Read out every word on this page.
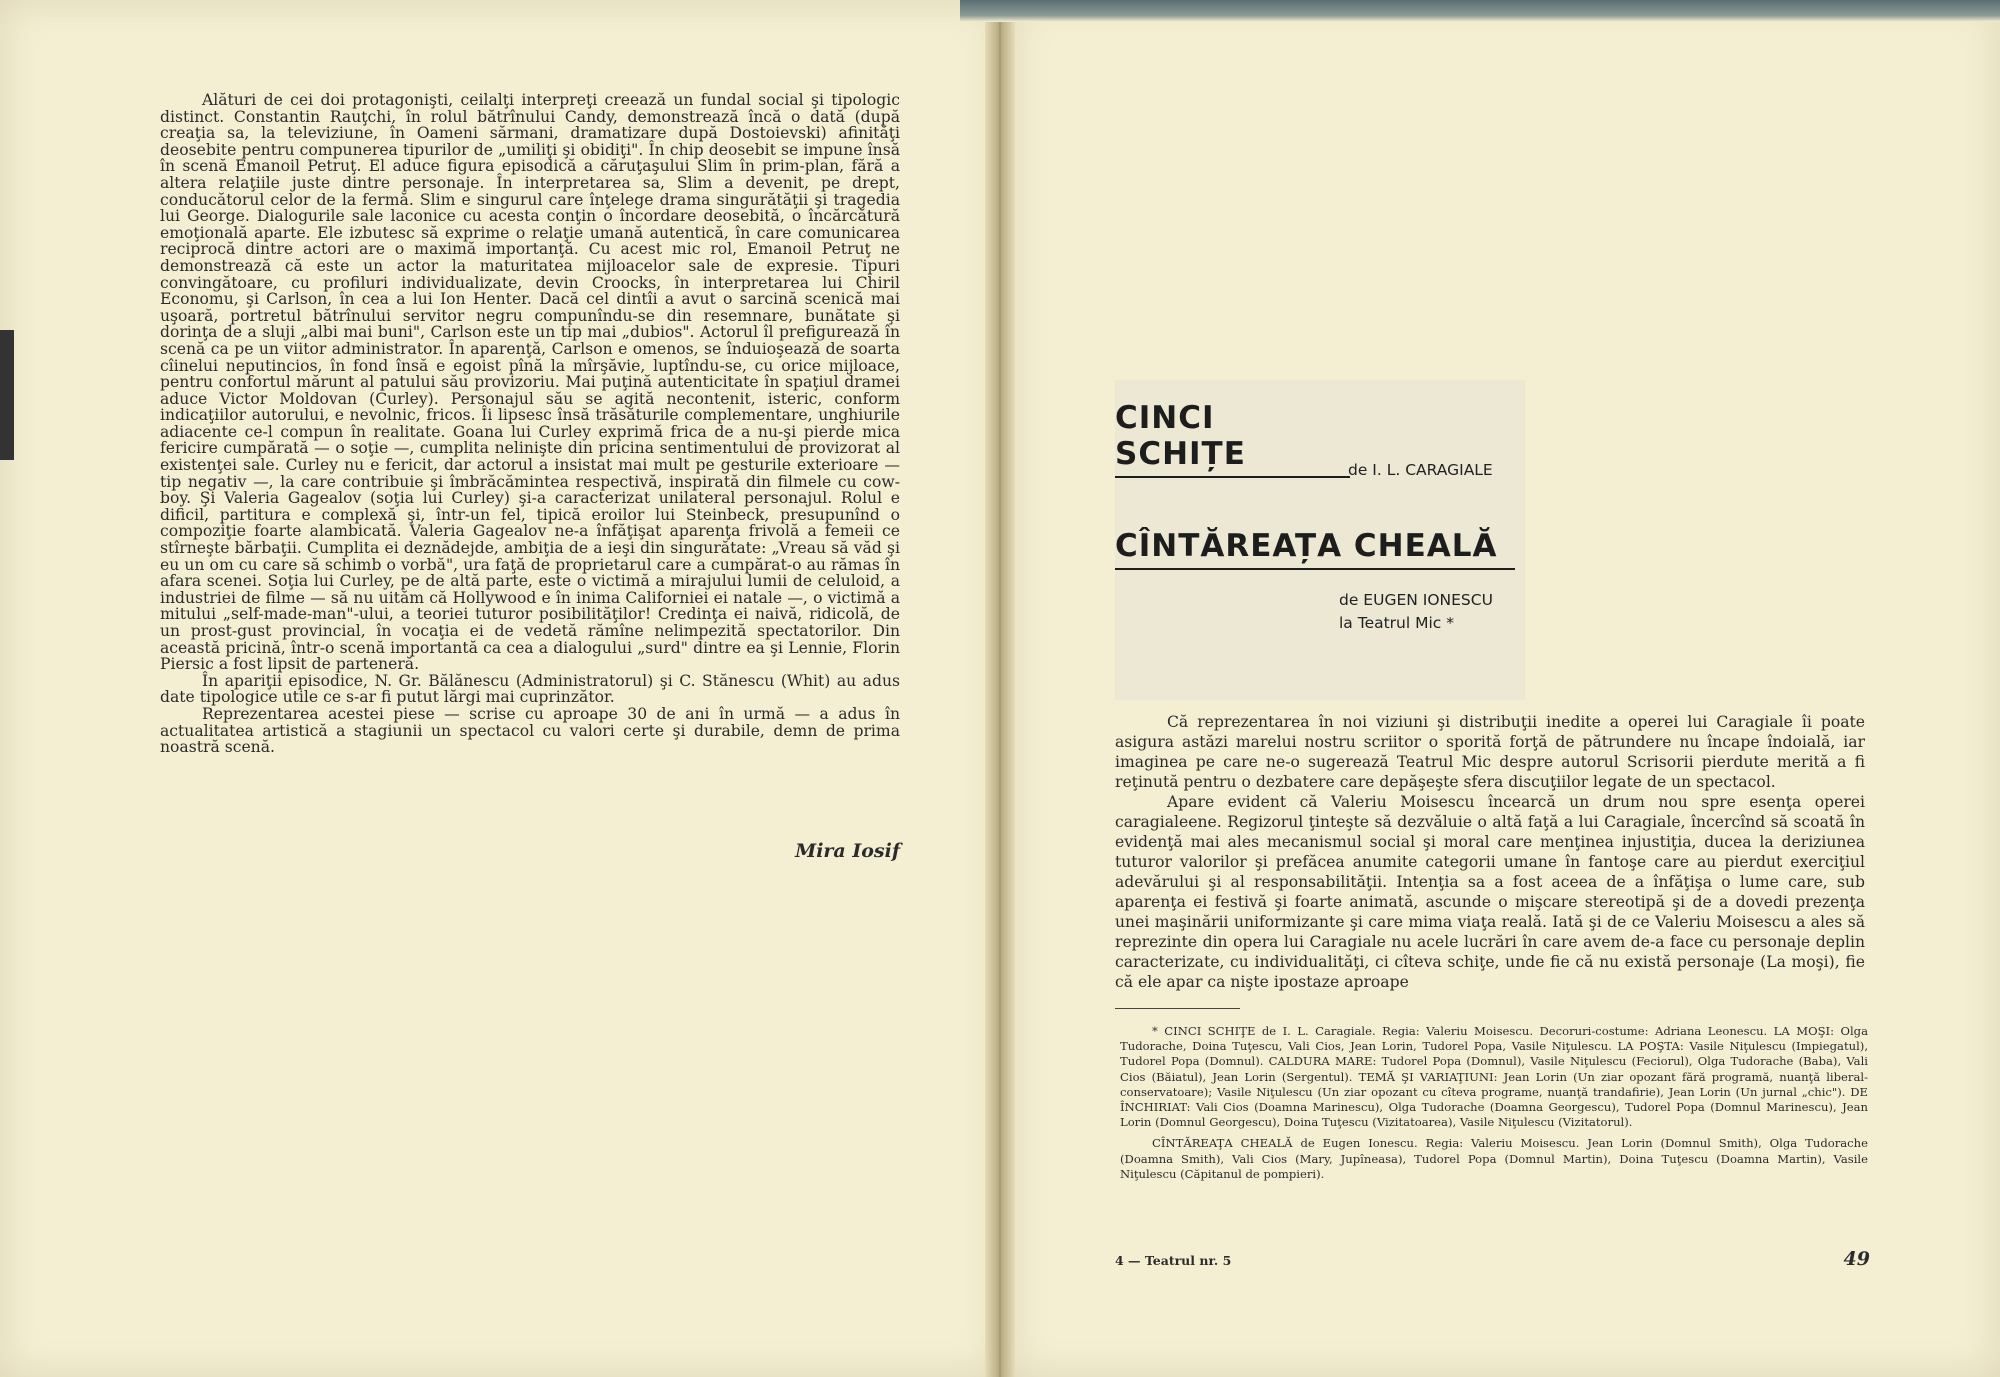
Alături de cei doi protagonişti, ceilalţi interpreţi creează un fundal social şi tipologic distinct. Constantin Rauţchi, în rolul bătrînului Candy, demonstrează încă o dată (după creaţia sa, la televiziune, în Oameni sărmani, dramatizare după Dostoievski) afinităţi deosebite pentru compunerea tipurilor de „umiliţi şi obidiţi". În chip deosebit se impune însă în scenă Emanoil Petruţ. El aduce figura episodică a căruţaşului Slim în prim-plan, fără a altera relaţiile juste dintre personaje. În interpretarea sa, Slim a devenit, pe drept, conducătorul celor de la fermă. Slim e singurul care înţelege drama singurătăţii şi tragedia lui George. Dialogurile sale laconice cu acesta conţin o încordare deosebită, o încărcătură emoţională aparte. Ele izbutesc să exprime o relaţie umană autentică, în care comunicarea reciprocă dintre actori are o maximă importanţă. Cu acest mic rol, Emanoil Petruţ ne demonstrează că este un actor la maturitatea mijloacelor sale de expresie. Tipuri convingătoare, cu profiluri individualizate, devin Croocks, în interpretarea lui Chiril Economu, şi Carlson, în cea a lui Ion Henter. Dacă cel dintîi a avut o sarcină scenică mai uşoară, portretul bătrînului servitor negru compunîndu-se din resemnare, bunătate şi dorinţa de a sluji „albi mai buni", Carlson este un tip mai „dubios". Actorul îl prefigurează în scenă ca pe un viitor administrator. În aparenţă, Carlson e omenos, se înduioşează de soarta cîinelui neputincios, în fond însă e egoist pînă la mîrşăvie, luptîndu-se, cu orice mijloace, pentru confortul mărunt al patului său provizoriu. Mai puţină autenticitate în spaţiul dramei aduce Victor Moldovan (Curley). Personajul său se agită necontenit, isteric, conform indicaţiilor autorului, e nevolnic, fricos. Îi lipsesc însă trăsăturile complementare, unghiurile adiacente ce-l compun în realitate. Goana lui Curley exprimă frica de a nu-şi pierde mica fericire cumpărată — o soţie —, cumplita nelinişte din pricina sentimentului de provizorat al existenţei sale. Curley nu e fericit, dar actorul a insistat mai mult pe gesturile exterioare — tip negativ —, la care contribuie şi îmbrăcămintea respectivă, inspirată din filmele cu cow-boy. Şi Valeria Gagealov (soţia lui Curley) şi-a caracterizat unilateral personajul. Rolul e dificil, partitura e complexă şi, într-un fel, tipică eroilor lui Steinbeck, presupunînd o compoziţie foarte alambicată. Valeria Gagealov ne-a înfăţişat aparenţa frivolă a femeii ce stîrneşte bărbaţii. Cumplita ei deznădejde, ambiţia de a ieşi din singurătate: „Vreau să văd şi eu un om cu care să schimb o vorbă", ura faţă de proprietarul care a cumpărat-o au rămas în afara scenei. Soţia lui Curley, pe de altă parte, este o victimă a mirajului lumii de celuloid, a industriei de filme — să nu uităm că Hollywood e în inima Californiei ei natale —, o victimă a mitului „self-made-man"-ului, a teoriei tuturor posibilităţilor! Credinţa ei naivă, ridicolă, de un prost-gust provincial, în vocaţia ei de vedetă rămîne nelimpezită spectatorilor. Din această pricină, într-o scenă importantă ca cea a dialogului „surd" dintre ea şi Lennie, Florin Piersic a fost lipsit de parteneră.

În apariţii episodice, N. Gr. Bălănescu (Administratorul) şi C. Stănescu (Whit) au adus date tipologice utile ce s-ar fi putut lărgi mai cuprinzător.

Reprezentarea acestei piese — scrise cu aproape 30 de ani în urmă — a adus în actualitatea artistică a stagiunii un spectacol cu valori certe şi durabile, demn de prima noastră scenă.

Mira Iosif
CINCI SCHIȚE	de I. L. CARAGIALE
CÎNTĂREAȚA CHEALĂ
de EUGEN IONESCU
la Teatrul Mic *

Că reprezentarea în noi viziuni şi distribuţii inedite a operei lui Caragiale îi poate asigura astăzi marelui nostru scriitor o sporită forţă de pătrundere nu încape îndoială, iar imaginea pe care ne-o sugerează Teatrul Mic despre autorul Scrisorii pierdute merită a fi reţinută pentru o dezbatere care depăşeşte sfera discuţiilor legate de un spectacol.

Apare evident că Valeriu Moisescu încearcă un drum nou spre esenţa operei caragialeene. Regizorul ţinteşte să dezvăluie o altă faţă a lui Caragiale, încercînd să scoată în evidenţă mai ales mecanismul social şi moral care menţinea injustiţia, ducea la deriziunea tuturor valorilor şi prefăcea anumite categorii umane în fantoşe care au pierdut exerciţiul adevărului şi al responsabilităţii. Intenţia sa a fost aceea de a înfăţişa o lume care, sub aparenţa ei festivă şi foarte animată, ascunde o mişcare stereotipă şi de a dovedi prezenţa unei maşinării uniformizante şi care mima viaţa reală. Iată şi de ce Valeriu Moisescu a ales să reprezinte din opera lui Caragiale nu acele lucrări în care avem de-a face cu personaje deplin caracterizate, cu individualităţi, ci cîteva schiţe, unde fie că nu există personaje (La moşi), fie că ele apar ca nişte ipostaze aproape

* CINCI SCHIŢE de I. L. Caragiale. Regia: Valeriu Moisescu. Decoruri-costume: Adriana Leonescu. LA MOŞI: Olga Tudorache, Doina Tuţescu, Vali Cios, Jean Lorin, Tudorel Popa, Vasile Niţulescu. LA POŞTA: Vasile Niţulescu (Impiegatul), Tudorel Popa (Domnul). CALDURA MARE: Tudorel Popa (Domnul), Vasile Niţulescu (Feciorul), Olga Tudorache (Baba), Vali Cios (Băiatul), Jean Lorin (Sergentul). TEMĂ ŞI VARIAŢIUNI: Jean Lorin (Un ziar opozant fără programă, nuanţă liberal-conservatoare); Vasile Niţulescu (Un ziar opozant cu cîteva programe, nuanţă trandafirie), Jean Lorin (Un jurnal „chic"). DE ÎNCHIRIAT: Vali Cios (Doamna Marinescu), Olga Tudorache (Doamna Georgescu), Tudorel Popa (Domnul Marinescu), Jean Lorin (Domnul Georgescu), Doina Tuţescu (Vizitatoarea), Vasile Niţulescu (Vizitatorul).

CÎNTĂREAŢA CHEALĂ de Eugen Ionescu. Regia: Valeriu Moisescu. Jean Lorin (Domnul Smith), Olga Tudorache (Doamna Smith), Vali Cios (Mary, Jupîneasa), Tudorel Popa (Domnul Martin), Doina Tuţescu (Doamna Martin), Vasile Niţulescu (Căpitanul de pompieri).

4 — Teatrul nr. 5	49
